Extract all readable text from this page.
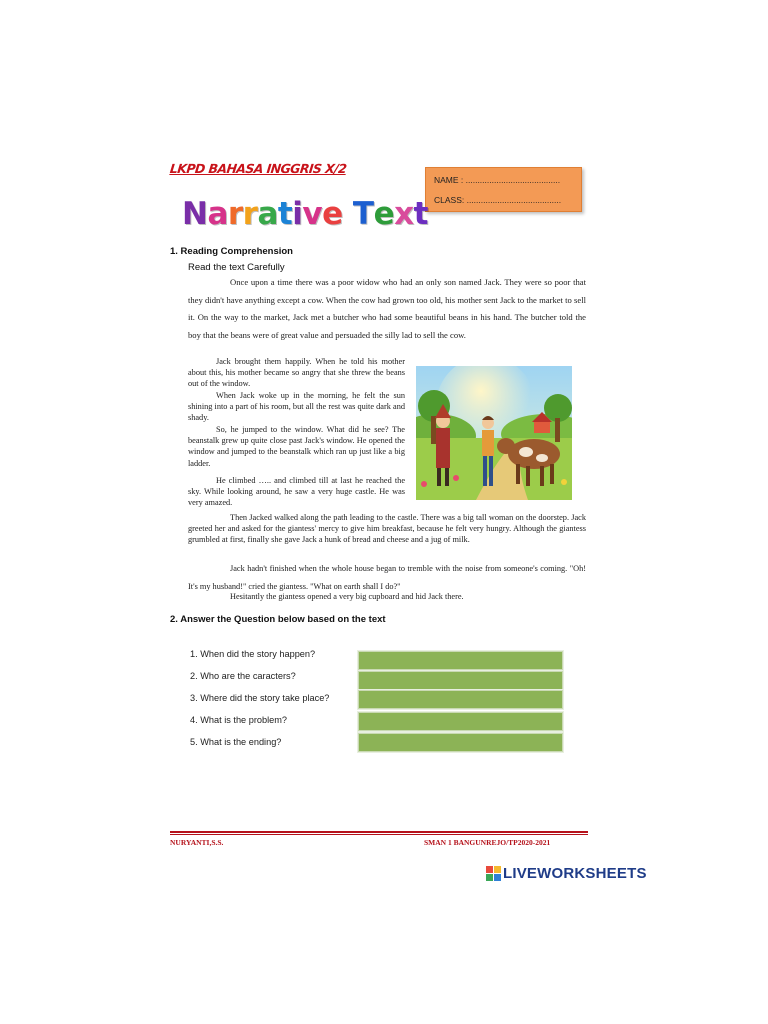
LKPD BAHASA INGGRIS X/2
NAME : ........................................
CLASS: ........................................
Narrative Text
1. Reading Comprehension
Read the text Carefully
Once upon a time there was a poor widow who had an only son named Jack. They were so poor that they didn't have anything except a cow. When the cow had grown too old, his mother sent Jack to the market to sell it. On the way to the market, Jack met a butcher who had some beautiful beans in his hand. The butcher told the boy that the beans were of great value and persuaded the silly lad to sell the cow.
Jack brought them happily. When he told his mother about this, his mother became so angry that she threw the beans out of the window.
When Jack woke up in the morning, he felt the sun shining into a part of his room, but all the rest was quite dark and shady.
So, he jumped to the window. What did he see? The beanstalk grew up quite close past Jack's window. He opened the window and jumped to the beanstalk which ran up just like a big ladder.
He climbed ….. and climbed till at last he reached the sky. While looking around, he saw a very huge castle. He was very amazed.
Then Jacked walked along the path leading to the castle. There was a big tall woman on the doorstep. Jack greeted her and asked for the giantess' mercy to give him breakfast, because he felt very hungry. Although the giantess grumbled at first, finally she gave Jack a hunk of bread and cheese and a jug of milk.
Jack hadn't finished when the whole house began to tremble with the noise from someone's coming. "Oh! It's my husband!" cried the giantess. "What on earth shall I do?"
Hesitantly the giantess opened a very big cupboard and hid Jack there.
2. Answer the Question below based on the text
1. When did the story happen?
2. Who are the caracters?
3. Where did the story take place?
4. What is the problem?
5. What is the ending?
NURYANTI,S.S.	SMAN 1 BANGUNREJO/TP2020-2021
LIVEWORKSHEETS
